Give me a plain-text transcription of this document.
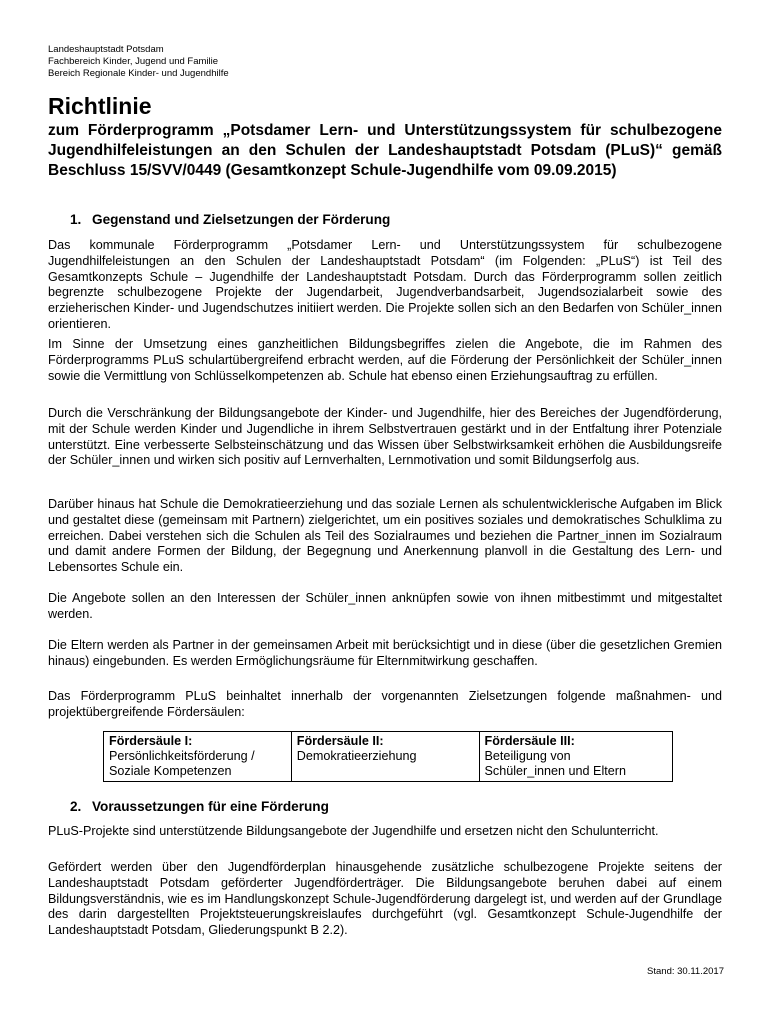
Landeshauptstadt Potsdam
Fachbereich Kinder, Jugend und Familie
Bereich Regionale Kinder- und Jugendhilfe
Richtlinie
zum Förderprogramm „Potsdamer Lern- und Unterstützungssystem für schulbezogene Jugendhilfeleistungen an den Schulen der Landeshauptstadt Potsdam (PLuS)“ gemäß Beschluss 15/SVV/0449 (Gesamtkonzept Schule-Jugendhilfe vom 09.09.2015)
1. Gegenstand und Zielsetzungen der Förderung
Das kommunale Förderprogramm „Potsdamer Lern- und Unterstützungssystem für schulbezogene Jugendhilfeleistungen an den Schulen der Landeshauptstadt Potsdam“ (im Folgenden: „PLuS“) ist Teil des Gesamtkonzepts Schule – Jugendhilfe der Landeshauptstadt Potsdam. Durch das Förderprogramm sollen zeitlich begrenzte schulbezogene Projekte der Jugendarbeit, Jugendverbandsarbeit, Jugendsozialarbeit sowie des erzieherischen Kinder- und Jugendschutzes initiiert werden. Die Projekte sollen sich an den Bedarfen von Schüler_innen orientieren.
Im Sinne der Umsetzung eines ganzheitlichen Bildungsbegriffes zielen die Angebote, die im Rahmen des Förderprogramms PLuS schulartübergreifend erbracht werden, auf die Förderung der Persönlichkeit der Schüler_innen sowie die Vermittlung von Schlüsselkompetenzen ab. Schule hat ebenso einen Erziehungsauftrag zu erfüllen.
Durch die Verschränkung der Bildungsangebote der Kinder- und Jugendhilfe, hier des Bereiches der Jugendförderung, mit der Schule werden Kinder und Jugendliche in ihrem Selbstvertrauen gestärkt und in der Entfaltung ihrer Potenziale unterstützt. Eine verbesserte Selbsteinschätzung und das Wissen über Selbstwirksamkeit erhöhen die Ausbildungsreife der Schüler_innen und wirken sich positiv auf Lernverhalten, Lernmotivation und somit Bildungserfolg aus.
Darüber hinaus hat Schule die Demokratieerziehung und das soziale Lernen als schulentwicklerische Aufgaben im Blick und gestaltet diese (gemeinsam mit Partnern) zielgerichtet, um ein positives soziales und demokratisches Schulklima zu erreichen. Dabei verstehen sich die Schulen als Teil des Sozialraumes und beziehen die Partner_innen im Sozialraum und damit andere Formen der Bildung, der Begegnung und Anerkennung planvoll in die Gestaltung des Lern- und Lebensortes Schule ein.
Die Angebote sollen an den Interessen der Schüler_innen anknüpfen sowie von ihnen mitbestimmt und mitgestaltet werden.
Die Eltern werden als Partner in der gemeinsamen Arbeit mit berücksichtigt und in diese (über die gesetzlichen Gremien hinaus) eingebunden. Es werden Ermöglichungsräume für Elternmitwirkung geschaffen.
Das Förderprogramm PLuS beinhaltet innerhalb der vorgenannten Zielsetzungen folgende maßnahmen- und projektübergreifende Fördersäulen:
Fördersäule I:
Persönlichkeitsförderung /
Soziale Kompetenzen

Fördersäule II:
Demokratieerziehung

Fördersäule III:
Beteiligung von
Schüler_innen und Eltern
2. Voraussetzungen für eine Förderung
PLuS-Projekte sind unterstützende Bildungsangebote der Jugendhilfe und ersetzen nicht den Schulunterricht.
Gefördert werden über den Jugendförderplan hinausgehende zusätzliche schulbezogene Projekte seitens der Landeshauptstadt Potsdam geförderter Jugendförderträger. Die Bildungsangebote beruhen dabei auf einem Bildungsverständnis, wie es im Handlungskonzept Schule-Jugendförderung dargelegt ist, und werden auf der Grundlage des darin dargestellten Projektsteuerungskreislaufes durchgeführt (vgl. Gesamtkonzept Schule-Jugendhilfe der Landeshauptstadt Potsdam, Gliederungspunkt B 2.2).
Stand: 30.11.2017
